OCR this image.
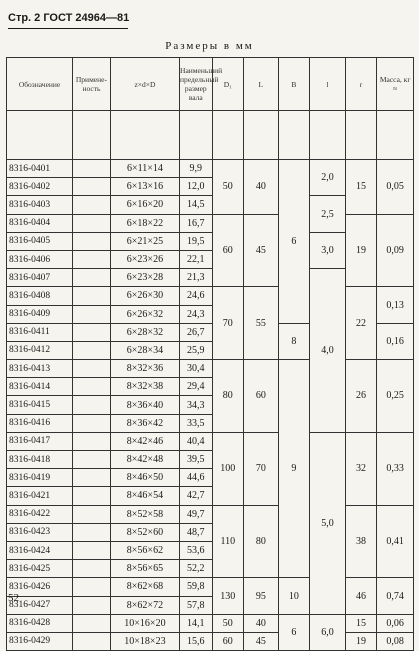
Стр. 2 ГОСТ 24964—81
Размеры в мм
Обозначение	Примене-ность	z×d×D	Наименьший предельный размер вала	D₁	L	B	l	r	Масса, кг ≈

8316-0401		6×11×14	9,9	50	40	6	2,0	15	0,05
8316-0402		6×13×16	12,0						
8316-0403		6×16×20	14,5				2,5		
8316-0404		6×18×22	16,7	60	45			19	0,09
8316-0405		6×21×25	19,5				3,0		
8316-0406		6×23×26	22,1						
8316-0407		6×23×28	21,3				4,0		
8316-0408		6×26×30	24,6	70	55			22	0,13
8316-0409		6×26×32	24,3						
8316-0411		6×28×32	26,7			8			0,16
8316-0412		6×28×34	25,9						
8316-0413		8×32×36	30,4	80	60	9		26	0,25
8316-0414		8×32×38	29,4						
8316-0415		8×36×40	34,3						
8316-0416		8×36×42	33,5						
8316-0417		8×42×46	40,4	100	70		5,0	32	0,33
8316-0418		8×42×48	39,5						
8316-0419		8×46×50	44,6						
8316-0421		8×46×54	42,7						
8316-0422		8×52×58	49,7	110	80			38	0,41
8316-0423		8×52×60	48,7						
8316-0424		8×56×62	53,6						
8316-0425		8×56×65	52,2						
8316-0426		8×62×68	59,8	130	95	10		46	0,74
8316-0427		8×62×72	57,8						
8316-0428		10×16×20	14,1	50	40	6	6,0	15	0,06
8316-0429		10×18×23	15,6	60	45			19	0,08
52
